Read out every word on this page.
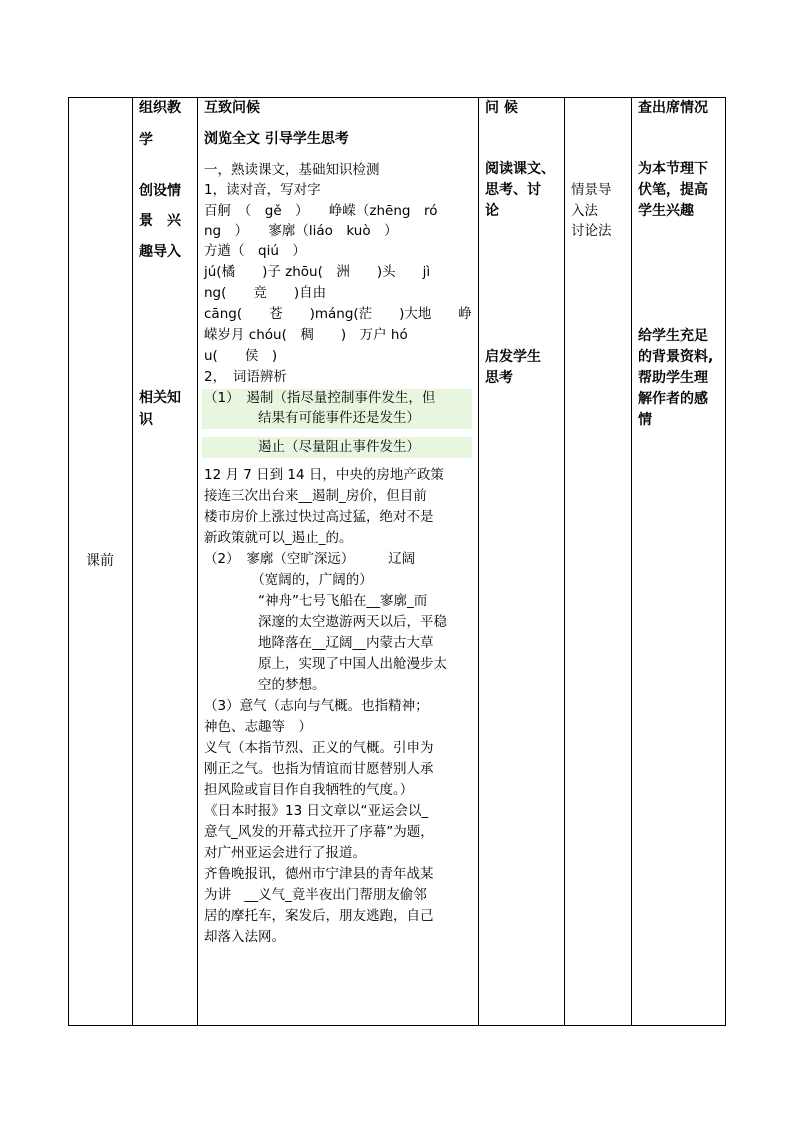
课前
组织教
学
创设情
景　兴
趣导入
相关知
识
互致问候
浏览全文 引导学生思考
一，熟读课文，基础知识检测
1，读对音，写对字
百舸　（　gě　）　　峥嵘（zhēng　ró
ng　）　　寥廓（liáo　kuò　）
方遒（　qiú　）
jú(橘　　)子 zhōu(　洲　　)头　　jì
ng(　　竞　　)自由
cāng(　　苍　　)máng(茫　　)大地　　峥
嵘岁月 chóu(　稠　　)　万户 hó
u(　　侯　)
2，　词语辨析
（1）　遏制（指尽量控制事件发生，但
　　　　结果有可能事件还是发生）
　　　　遏止（尽量阻止事件发生）
12 月 7 日到 14 日，中央的房地产政策
接连三次出台来__遏制_房价，但目前
楼市房价上涨过快过高过猛，绝对不是
新政策就可以_遏止_的。
（2）　寥廓（空旷深远）　　　辽阔
　　　　（宽阔的，广阔的）
　　　　“神舟”七号飞船在__寥廓_而
　　　　深邃的太空遨游两天以后，平稳
　　　　地降落在__辽阔__内蒙古大草
　　　　原上，实现了中国人出舱漫步太
　　　　空的梦想。
（3）意气（志向与气概。也指精神；
神色、志趣等　）
义气（本指节烈、正义的气概。引申为
刚正之气。也指为情谊而甘愿替别人承
担风险或盲目作自我牺牲的气度。）
《日本时报》13 日文章以“亚运会以_
意气_风发的开幕式拉开了序幕”为题，
对广州亚运会进行了报道。
齐鲁晚报讯，德州市宁津县的青年战某
为讲　__义气_竟半夜出门帮朋友偷邻
居的摩托车，案发后，朋友逃跑，自己
却落入法网。
问 候
阅读课文、
思考、讨
论
启发学生
思考
情景导
入法
讨论法
查出席情况
为本节理下
伏笔，提高
学生兴趣
给学生充足
的背景资料,
帮助学生理
解作者的感
情
